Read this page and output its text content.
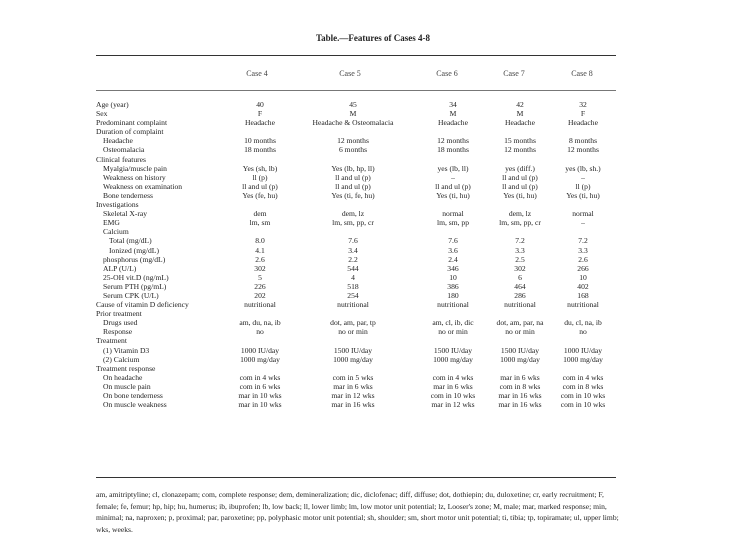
Table.—Features of Cases 4-8
Case 4	Case 5	Case 6	Case 7	Case 8
Age (year)	40	45	34	42	32
Sex	F	M	M	M	F
Predominant complaint	Headache	Headache & Osteomalacia	Headache	Headache	Headache
Duration of complaint					
Headache	10 months	12 months	12 months	15 months	8 months
Osteomalacia	18 months	6 months	18 months	12 months	12 months
Clinical features					
Myalgia/muscle pain	Yes (sh, lb)	Yes (lb, hp, ll)	yes (lb, ll)	yes (diff.)	yes (lb, sh.)
Weakness on history	ll (p)	ll and ul (p)	–	ll and ul (p)	–
Weakness on examination	ll and ul (p)	ll and ul (p)	ll and ul (p)	ll and ul (p)	ll (p)
Bone tenderness	Yes (fe, hu)	Yes (ti, fe, hu)	Yes (ti, hu)	Yes (ti, hu)	Yes (ti, hu)
Investigations					
Skeletal X-ray	dem	dem, lz	normal	dem, lz	normal
EMG	lm, sm	lm, sm, pp, cr	lm, sm, pp	lm, sm, pp, cr	–
Calcium					
Total (mg/dL)	8.0	7.6	7.6	7.2	7.2
Ionized (mg/dL)	4.1	3.4	3.6	3.3	3.3
phosphorus (mg/dL)	2.6	2.2	2.4	2.5	2.6
ALP (U/L)	302	544	346	302	266
25-OH vit.D (ng/mL)	5	4	10	6	10
Serum PTH (pg/mL)	226	518	386	464	402
Serum CPK (U/L)	202	254	180	286	168
Cause of vitamin D deficiency	nutritional	nutritional	nutritional	nutritional	nutritional
Prior treatment					
Drugs used	am, du, na, ib	dot, am, par, tp	am, cl, ib, dic	dot, am, par, na	du, cl, na, ib
Response	no	no or min	no or min	no or min	no
Treatment					
(1) Vitamin D3	1000 IU/day	1500 IU/day	1500 IU/day	1500 IU/day	1000 IU/day
(2) Calcium	1000 mg/day	1000 mg/day	1000 mg/day	1000 mg/day	1000 mg/day
Treatment response					
On headache	com in 4 wks	com in 5 wks	com in 4 wks	mar in 6 wks	com in 4 wks
On muscle pain	com in 6 wks	mar in 6 wks	mar in 6 wks	com in 8 wks	com in 8 wks
On bone tenderness	mar in 10 wks	mar in 12 wks	com in 10 wks	mar in 16 wks	com in 10 wks
On muscle weakness	mar in 10 wks	mar in 16 wks	mar in 12 wks	mar in 16 wks	com in 10 wks
am, amitriptyline; cl, clonazepam; com, complete response; dem, demineralization; dic, diclofenac; diff, diffuse; dot, dothiepin; du, duloxetine; cr, early recruitment; F, female; fe, femur; hp, hip; hu, humerus; ib, ibuprofen; lb, low back; ll, lower limb; lm, low motor unit potential; lz, Looser's zone; M, male; mar, marked response; min, minimal; na, naproxen; p, proximal; par, paroxetine; pp, polyphasic motor unit potential; sh, shoulder; sm, short motor unit potential; ti, tibia; tp, topiramate; ul, upper limb; wks, weeks.
